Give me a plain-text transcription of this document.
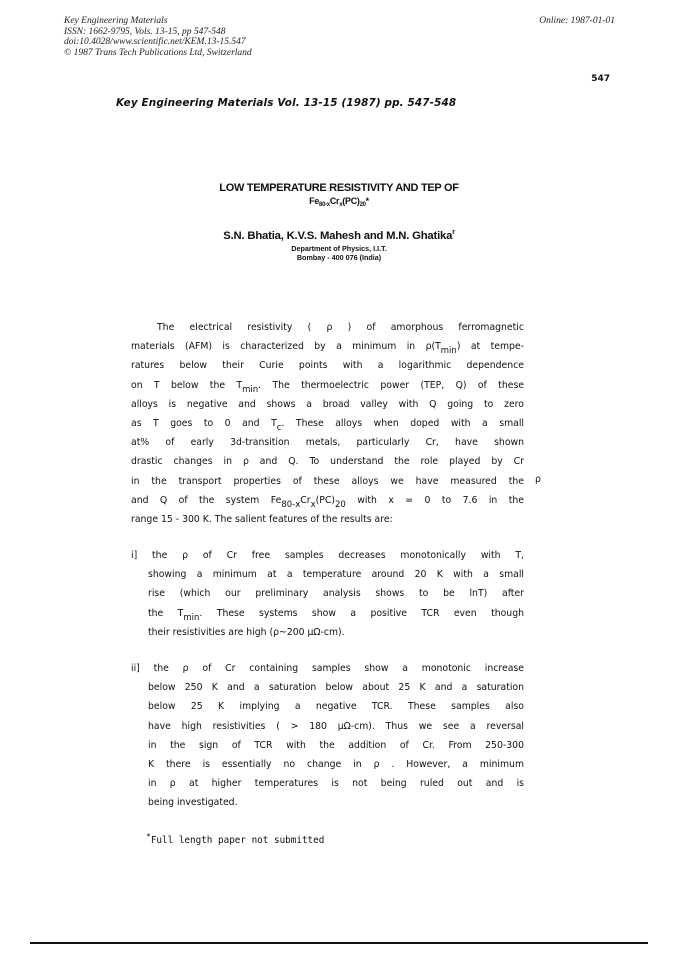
Key Engineering Materials
ISSN: 1662-9795, Vols. 13-15, pp 547-548
doi:10.4028/www.scientific.net/KEM.13-15.547
© 1987 Trans Tech Publications Ltd, Switzerland
Online: 1987-01-01
547
Key Engineering Materials Vol. 13-15 (1987) pp. 547-548
LOW TEMPERATURE RESISTIVITY AND TEP OF
$Fe_{80-x}Cr_x(PC)_{20}*$
S.N. Bhatia, K.V.S. Mahesh and M.N. Ghatika$^r$
Department of Physics, I.I.T.
Bombay - 400 076 (India)
The electrical resistivity ( ρ ) of amorphous ferromagnetic
materials (AFM) is characterized by a minimum in $\rho(T_{min})$ at tempe-
ratures below their Curie points with a logarithmic dependence
on T below the $T_{min}$. The thermoelectric power (TEP, Q) of these
alloys is negative and shows a broad valley with Q going to zero
as T goes to 0 and $T_c$. These alloys when doped with a small
at% of early 3d-transition metals, particularly Cr, have shown
drastic changes in ρ and Q. To understand the role played by Cr
in the transport properties of these alloys we have measured the
and Q of the system $Fe_{80-x}Cr_x(PC)_{20}$ with x = 0 to 7.6 in the
range 15 - 300 K. The salient features of the results are:
i] the ρ of Cr free samples decreases monotonically with T,
showing a minimum at a temperature around 20 K with a small
rise (which our preliminary analysis shows to be lnT) after
the $T_{min}$. These systems show a positive TCR even though
their resistivities are high (ρ~200 μΩ-cm).
ii] the ρ of Cr containing samples show a monotonic increase
below 250 K and a saturation below about 25 K and a saturation
below 25 K implying a negative TCR. These samples also
have high resistivities ( > 180 μΩ-cm). Thus we see a reversal
in the sign of TCR with the addition of Cr. From 250-300
K there is essentially no change in ρ . However, a minimum
in ρ at higher temperatures is not being ruled out and is
being investigated.
ρ
*Full length paper not submitted
